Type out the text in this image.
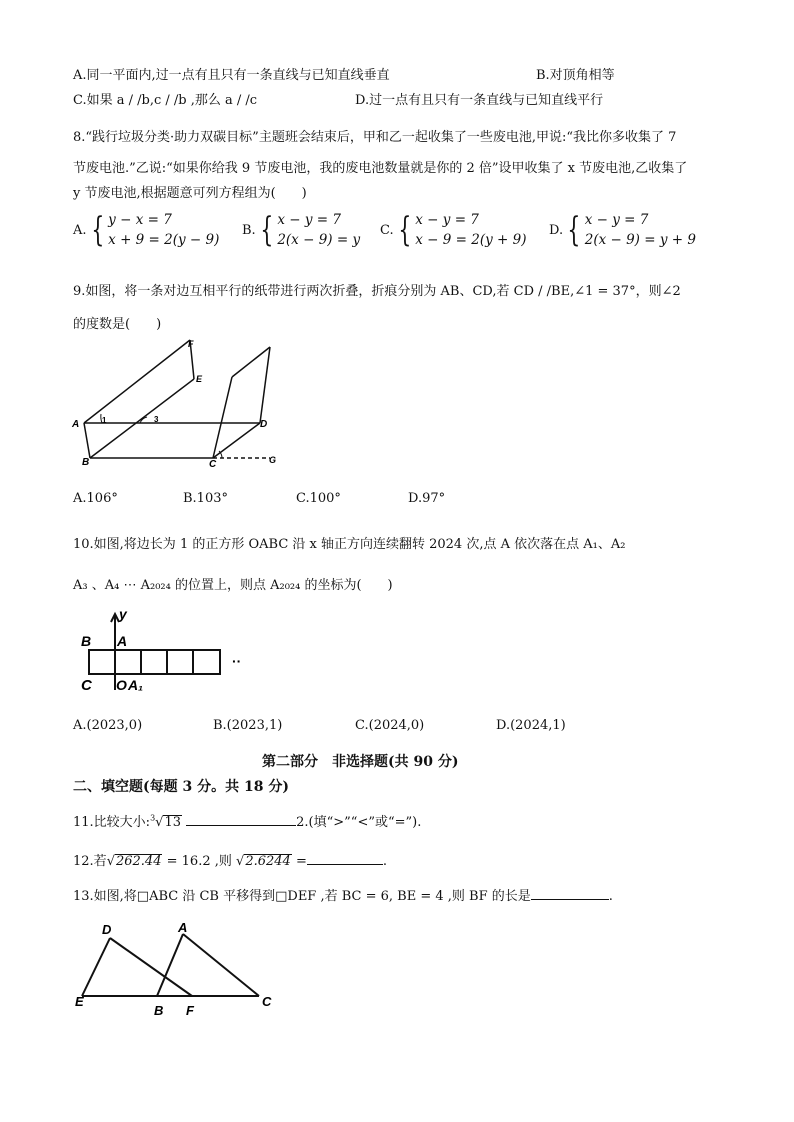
A.同一平面内,过一点有且只有一条直线与已知直线垂直	B.对顶角相等
C.如果 a / /b,c / /b ,那么 a / /c	D.过一点有且只有一条直线与已知直线平行
8.“践行垃圾分类·助力双碳目标”主题班会结束后，甲和乙一起收集了一些废电池,甲说:“我比你多收集了 7
节废电池.”乙说:“如果你给我 9 节废电池，我的废电池数量就是你的 2 倍”设甲收集了 x 节废电池,乙收集了
y 节废电池,根据题意可列方程组为(　　)
A. { y − x = 7
x + 9 = 2(y − 9)
B. { x − y = 7
2(x − 9) = y
C. { x − y = 7
x − 9 = 2(y + 9)
D. { x − y = 7
2(x − 9) = y + 9
9.如图，将一条对边互相平行的纸带进行两次折叠，折痕分别为 AB、CD,若 CD / /BE,∠1 = 37°，则∠2
的度数是(　　)
A
B	C
D
E
F
G
1	3
A.106°	B.103°	C.100°	D.97°
10.如图,将边长为 1 的正方形 OABC 沿 x 轴正方向连续翻转 2024 次,点 A 依次落在点 A₁、A₂
A₃ 、A₄ ⋯ A₂₀₂₄ 的位置上，则点 A₂₀₂₄ 的坐标为(　　)
y
B A
C O A₁
··
A.(2023,0)	B.(2023,1)	C.(2024,0)	D.(2024,1)
第二部分　非选择题(共 90 分)
二、填空题(每题 3 分。共 18 分)
11.比较大小:$^3$√13	2.(填“>”“<”或“=”).
12.若√262.44 = 16.2 ,则 √2.6244 =	.
13.如图,将□ABC 沿 CB 平移得到□DEF ,若 BC = 6, BE = 4 ,则 BF 的长是	.
D	A
E
B F
C
